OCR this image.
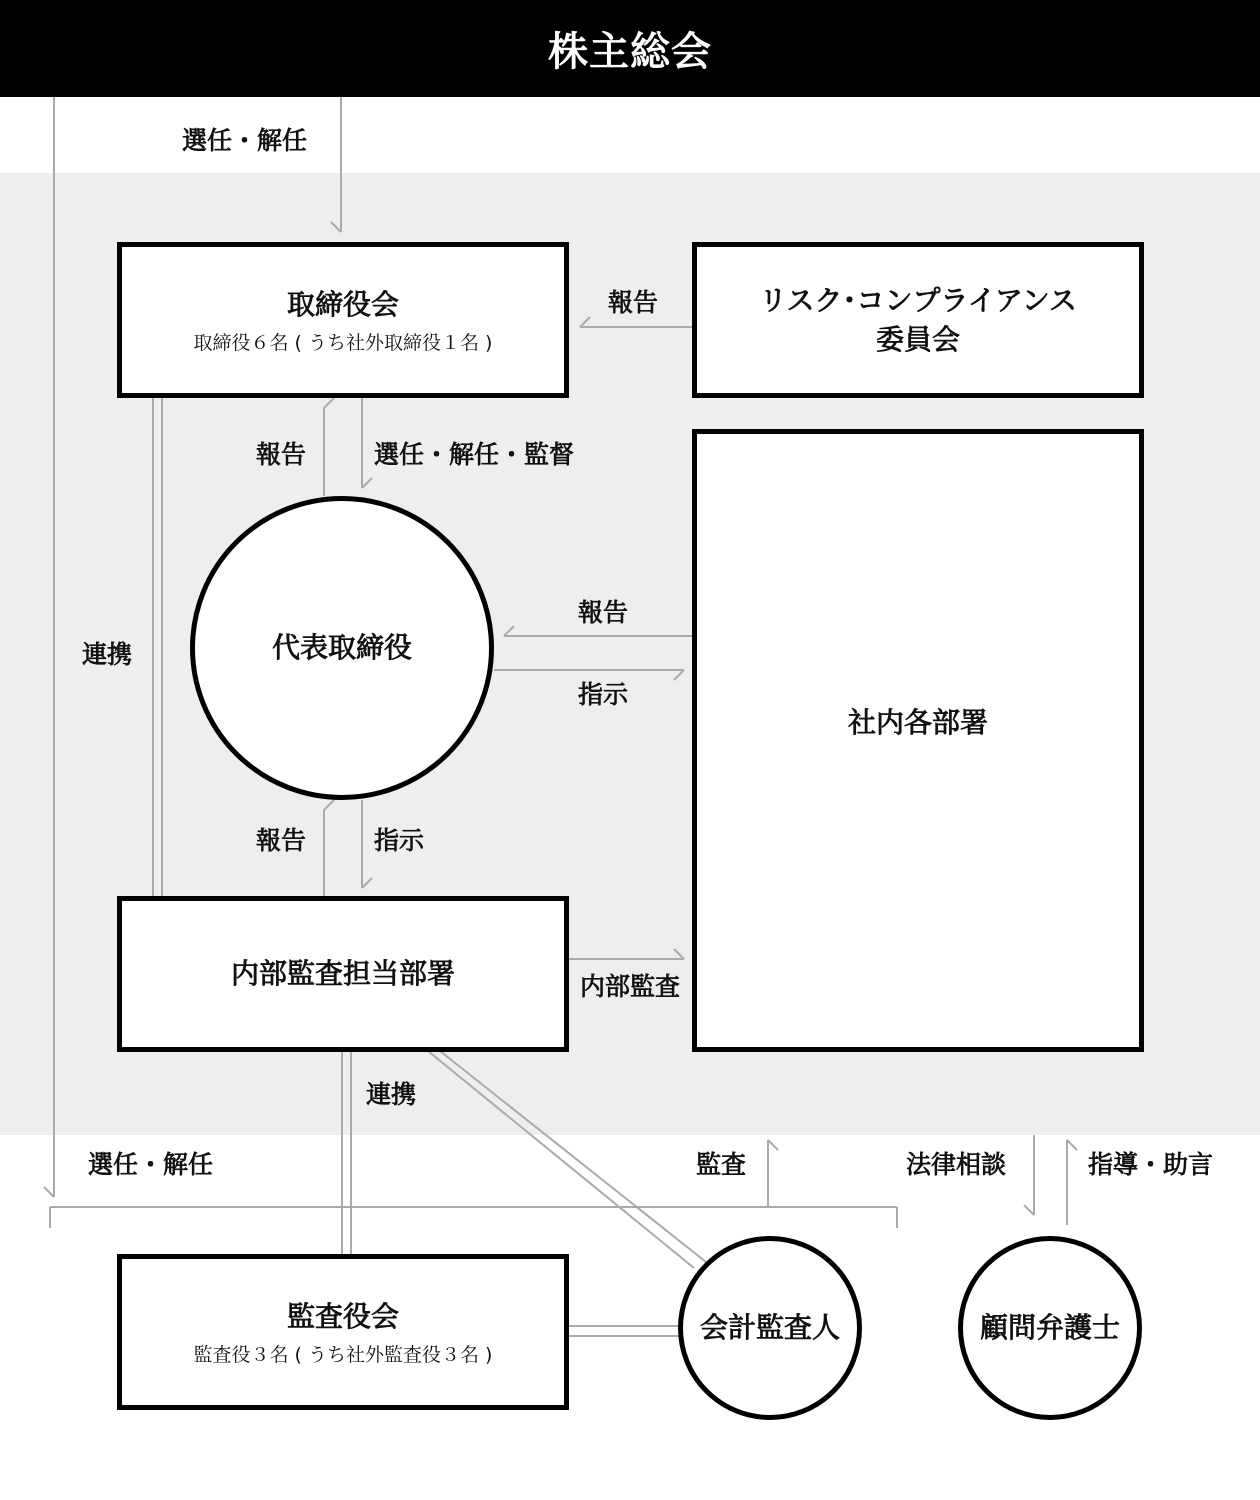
株主総会
取締役会
取締役６名 ( うち社外取締役１名 )
リスク･コンプライアンス
委員会
代表取締役
社内各部署
内部監査担当部署
監査役会
監査役３名 ( うち社外監査役３名 )
会計監査人	顧問弁護士
選任・解任
報告
報告	選任・解任・監督
連携
報告
指示
報告	指示
内部監査
連携
選任・解任	監査	法律相談	指導・助言
